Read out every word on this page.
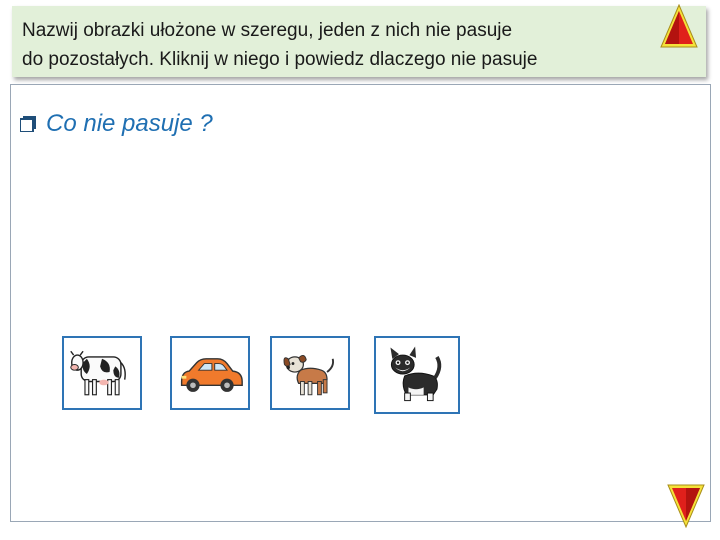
Nazwij obrazki ułożone w szeregu, jeden z nich nie pasuje
do pozostałych. Kliknij w niego i powiedz dlaczego nie pasuje
Co nie pasuje ?
